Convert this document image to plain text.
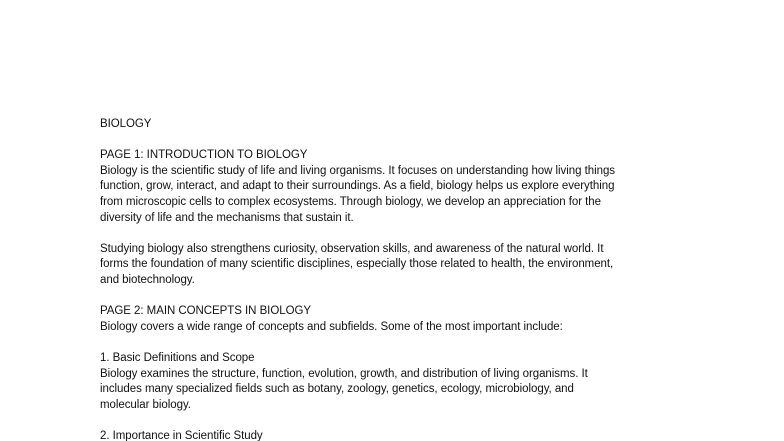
BIOLOGY
PAGE 1: INTRODUCTION TO BIOLOGY
Biology is the scientific study of life and living organisms. It focuses on understanding how living things
function, grow, interact, and adapt to their surroundings. As a field, biology helps us explore everything
from microscopic cells to complex ecosystems. Through biology, we develop an appreciation for the
diversity of life and the mechanisms that sustain it.
Studying biology also strengthens curiosity, observation skills, and awareness of the natural world. It
forms the foundation of many scientific disciplines, especially those related to health, the environment,
and biotechnology.
PAGE 2: MAIN CONCEPTS IN BIOLOGY
Biology covers a wide range of concepts and subfields. Some of the most important include:
1. Basic Definitions and Scope
Biology examines the structure, function, evolution, growth, and distribution of living organisms. It
includes many specialized fields such as botany, zoology, genetics, ecology, microbiology, and
molecular biology.
2. Importance in Scientific Study
